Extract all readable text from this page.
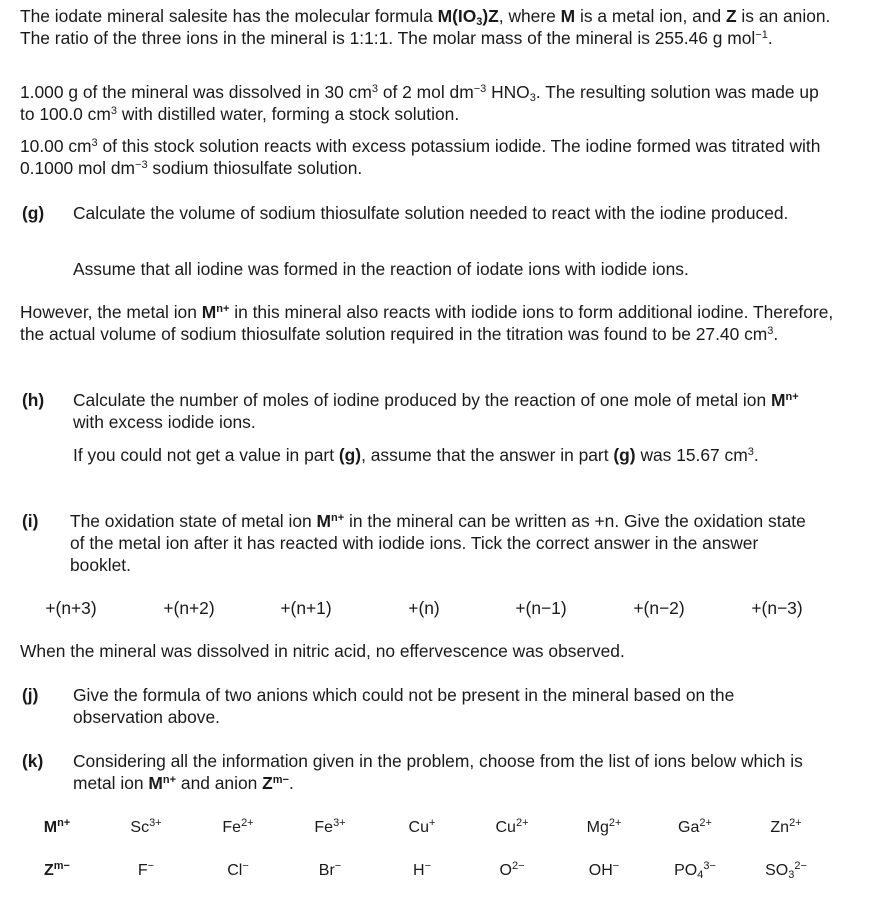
The iodate mineral salesite has the molecular formula $M(IO_3)Z$, where M is a metal ion, and Z is an anion. The ratio of the three ions in the mineral is 1:1:1. The molar mass of the mineral is 255.46 g mol$^{-1}$.

1.000 g of the mineral was dissolved in 30 $cm^3$ of 2 mol $dm^{-3}$ $HNO_3$. The resulting solution was made up to 100.0 $cm^3$ with distilled water, forming a stock solution.

10.00 $cm^3$ of this stock solution reacts with excess potassium iodide. The iodine formed was titrated with 0.1000 mol $dm^{-3}$ sodium thiosulfate solution.

(g) Calculate the volume of sodium thiosulfate solution needed to react with the iodine produced.
Assume that all iodine was formed in the reaction of iodate ions with iodide ions.

However, the metal ion $M^{n+}$ in this mineral also reacts with iodide ions to form additional iodine. Therefore, the actual volume of sodium thiosulfate solution required in the titration was found to be 27.40 $cm^3$.

(h) Calculate the number of moles of iodine produced by the reaction of one mole of metal ion $M^{n+}$ with excess iodide ions.
If you could not get a value in part (g), assume that the answer in part (g) was 15.67 $cm^3$.
(i) The oxidation state of metal ion $M^{n+}$ in the mineral can be written as +n. Give the oxidation state of the metal ion after it has reacted with iodide ions. Tick the correct answer in the answer booklet.
+(n+3)	+(n+2)	+(n+1)	+(n)	+(n−1)	+(n−2)	+(n−3)

When the mineral was dissolved in nitric acid, no effervescence was observed.

(j) Give the formula of two anions which could not be present in the mineral based on the observation above.
(k) Considering all the information given in the problem, choose from the list of ions below which is metal ion $M^{n+}$ and anion $Z^{m-}$.
$M^{n+}$	$Sc^{3+}$	$Fe^{2+}$	$Fe^{3+}$	Cu+	$Cu^{2+}$	$Mg^{2+}$	$Ga^{2+}$	$Zn^{2+}$
$Z^{m-}$	F−	Cl−	Br−	H−	$O^{2-}$	OH−	$PO_4^{3-}$	$SO_3^{2-}$
